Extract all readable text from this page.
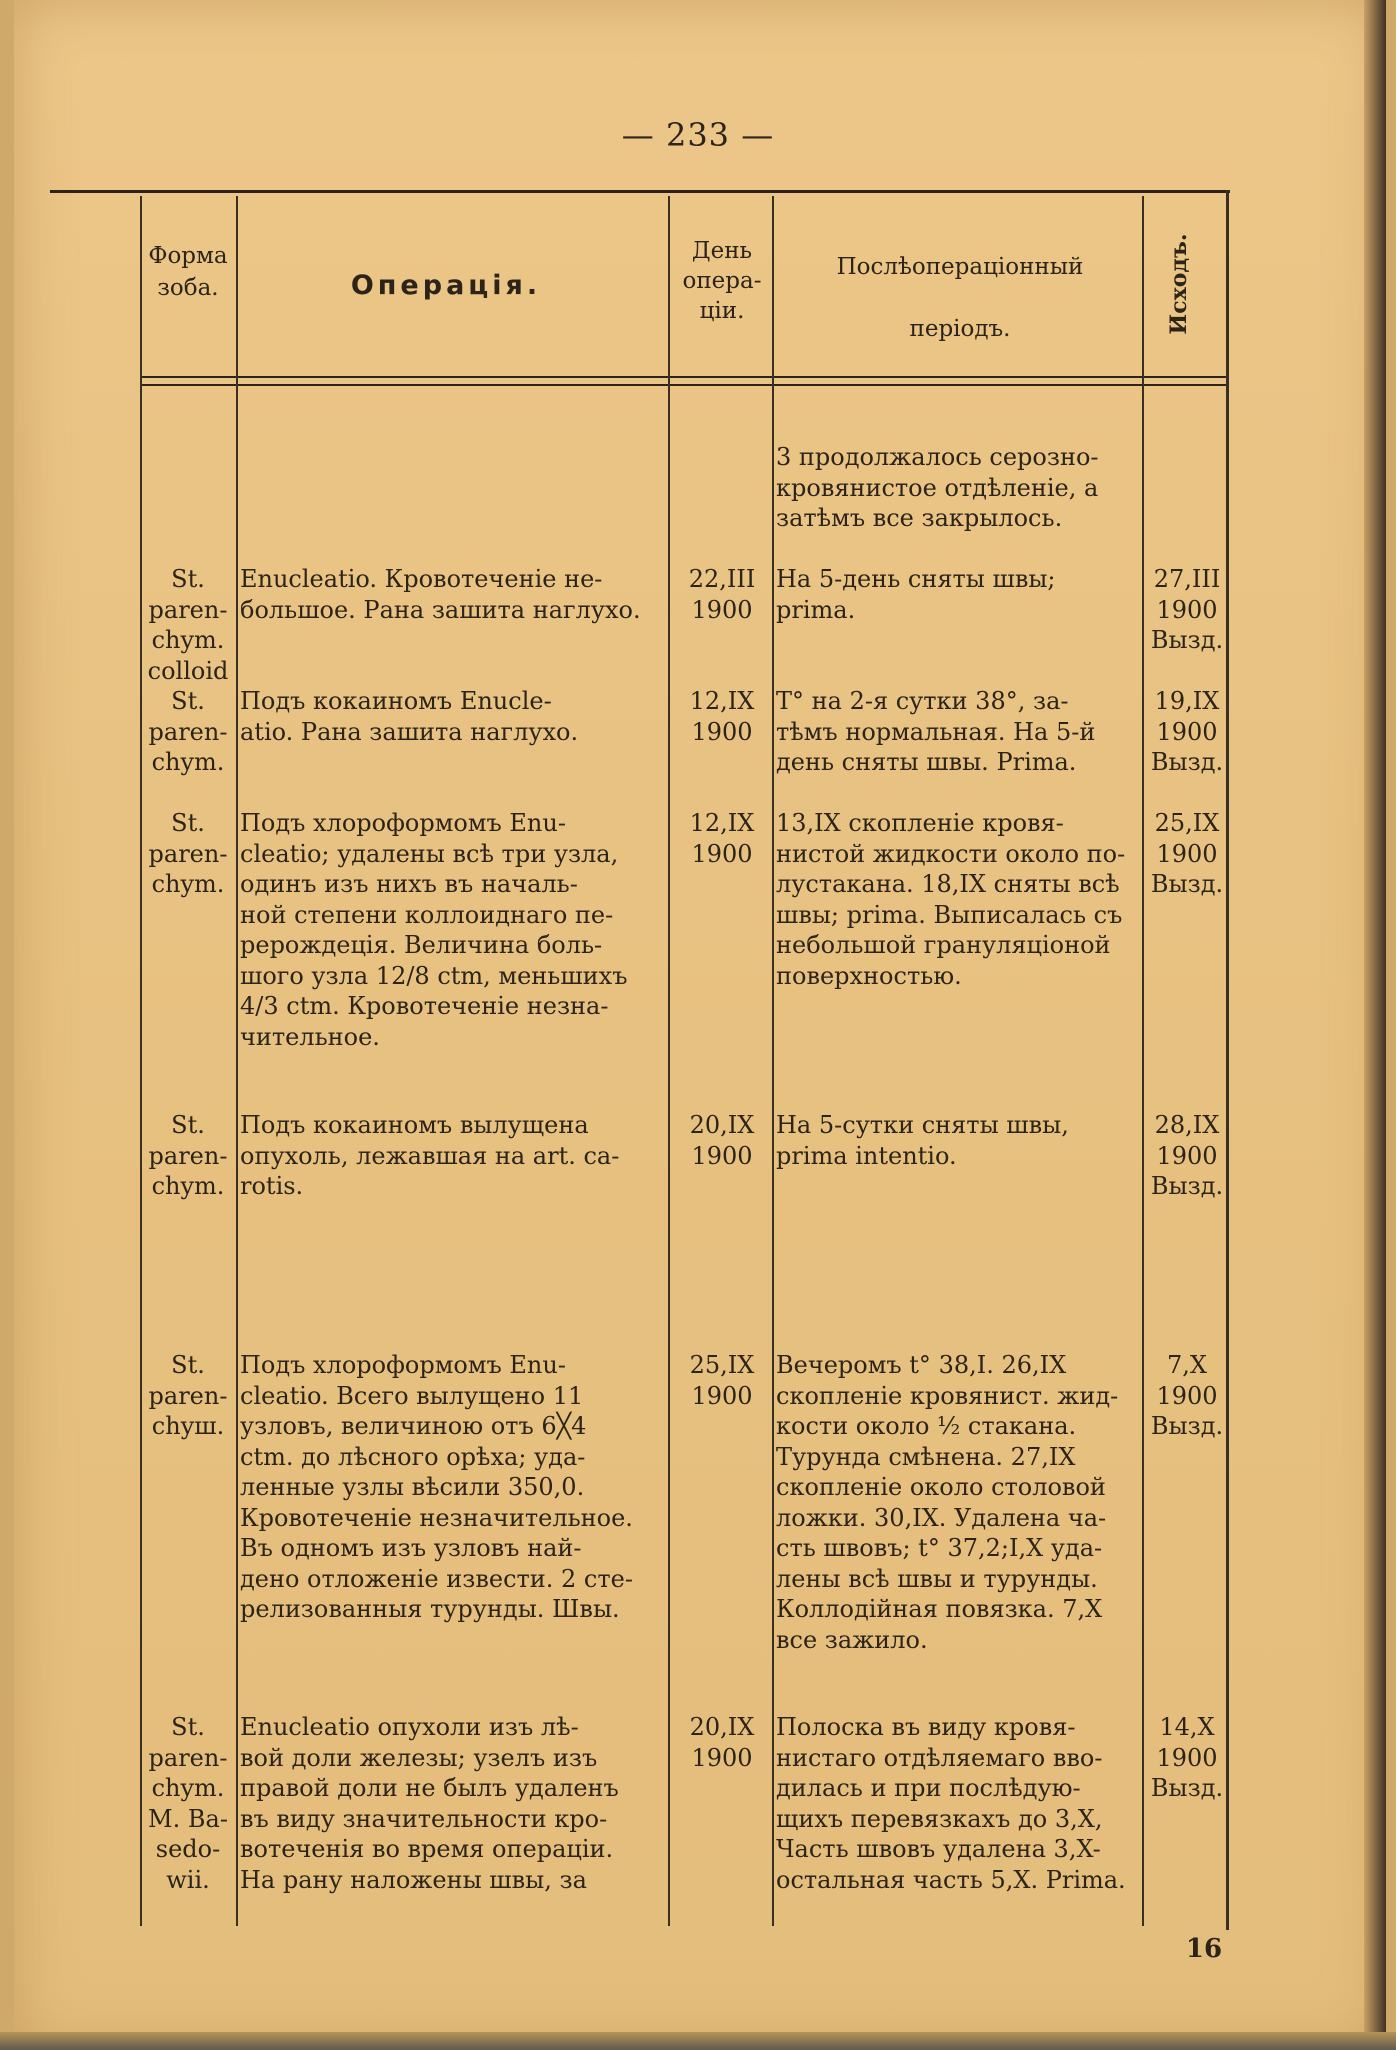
— 233 —
Форма
зоба.	Операція.
День
опера-
ціи.
Послѣоперaціонный
періодъ.	Исходъ.
3 продолжалось серозно-
кровянистое отдѣленіе, а
затѣмъ все закрылось.
St.
paren-
chym.
colloid
Enucleatio. Кровотеченіе не-
большое. Рана зашита наглухо.
22,III
1900
На 5-день сняты швы;
prima.
27,III
1900
Вызд.
St.
paren-
chym.
Подъ кокаиномъ Enucle-
atio. Рана зашита наглухо.
12,IX
1900
T° на 2-я сутки 38°, за-
тѣмъ нормальная. На 5-й
день сняты швы. Prima.
19,IX
1900
Вызд.
St.
paren-
chym.
Подъ хлороформомъ Enu-
cleatio; удалены всѣ три узла,
одинъ изъ нихъ въ началь-
ной степени коллоиднаго пе-
рерождеція. Величина боль-
шого узла 12/8 ctm, меньшихъ
4/3 ctm. Кровотеченіе незна-
чительное.
12,IX
1900
13,IX скопленіе кровя-
нистой жидкости около по-
лустакана. 18,IX сняты всѣ
швы; prima. Выписалась съ
небольшой грануляціоной
поверхностью.
25,IX
1900
Вызд.
St.
paren-
chym.
Подъ кокаиномъ вылущена
опухоль, лежавшая на art. ca-
rotis.
20,IX
1900
На 5-сутки сняты швы,
prima intentio.
28,IX
1900
Вызд.
St.
paren-
chyш.
Подъ хлороформомъ Enu-
cleatio. Всего вылущено 11
узловъ, величиною отъ 6╳4
ctm. до лѣсного орѣха; уда-
ленные узлы вѣсили 350,0.
Кровотеченіе незначительное.
Въ одномъ изъ узловъ най-
дено отложеніе извести. 2 сте-
релизованныя турунды. Швы.
25,IX
1900
Вечеромъ t° 38,I. 26,IX
скопленіе кровянист. жид-
кости около ½ стакана.
Турунда смѣнена. 27,IX
скопленіе около столовой
ложки. 30,IX. Удалена ча-
сть швовъ; t° 37,2;I,X уда-
лены всѣ швы и турунды.
Коллодійная повязка. 7,X
все зажило.
7,X
1900
Вызд.
St.
paren-
chym.
M. Ba-
sedo-
wii.
Enucleatio опухоли изъ лѣ-
вой доли железы; узелъ изъ
правой доли не былъ удаленъ
въ виду значительности кро-
вотеченія во время операціи.
На рану наложены швы, за
20,IX
1900
Полоска въ виду кровя-
нистаго отдѣляемаго вво-
дилась и при послѣдую-
щихъ перевязкахъ до 3,X,
Часть швовъ удалена 3,X-
остальная часть 5,X. Prima.
14,X
1900
Вызд.
16
